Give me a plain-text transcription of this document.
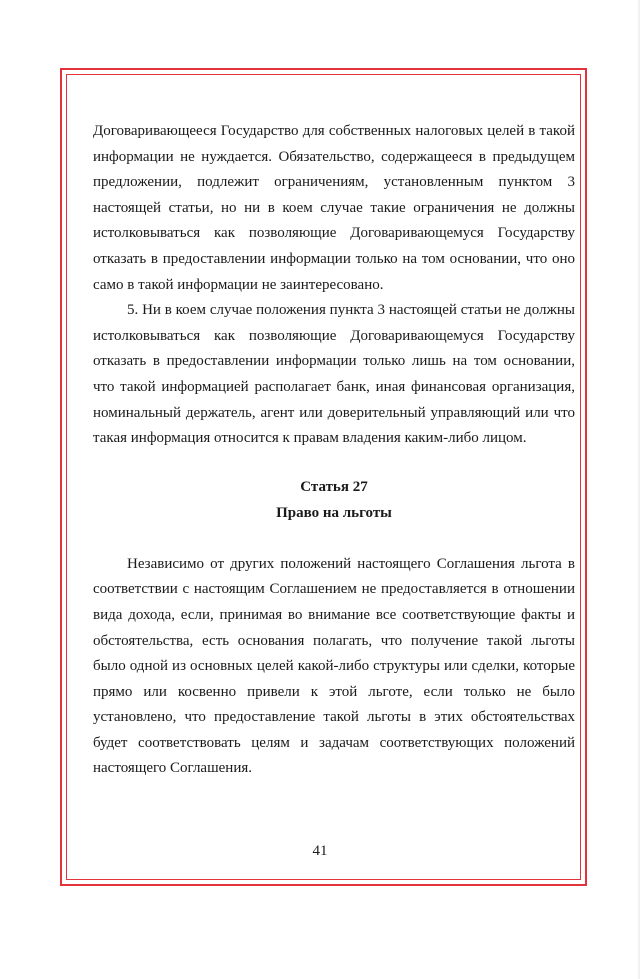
Договаривающееся Государство для собственных налоговых целей в такой информации не нуждается. Обязательство, содержащееся в предыдущем предложении, подлежит ограничениям, установленным пунктом 3 настоящей статьи, но ни в коем случае такие ограничения не должны истолковываться как позволяющие Договаривающемуся Государству отказать в предоставлении информации только на том основании, что оно само в такой информации не заинтересовано.

5. Ни в коем случае положения пункта 3 настоящей статьи не должны истолковываться как позволяющие Договаривающемуся Государству отказать в предоставлении информации только лишь на том основании, что такой информацией располагает банк, иная финансовая организация, номинальный держатель, агент или доверительный управляющий или что такая информация относится к правам владения каким-либо лицом.

Статья 27

Право на льготы

Независимо от других положений настоящего Соглашения льгота в соответствии с настоящим Соглашением не предоставляется в отношении вида дохода, если, принимая во внимание все соответствующие факты и обстоятельства, есть основания полагать, что получение такой льготы было одной из основных целей какой-либо структуры или сделки, которые прямо или косвенно привели к этой льготе, если только не было установлено, что предоставление такой льготы в этих обстоятельствах будет соответствовать целям и задачам соответствующих положений настоящего Соглашения.

41
